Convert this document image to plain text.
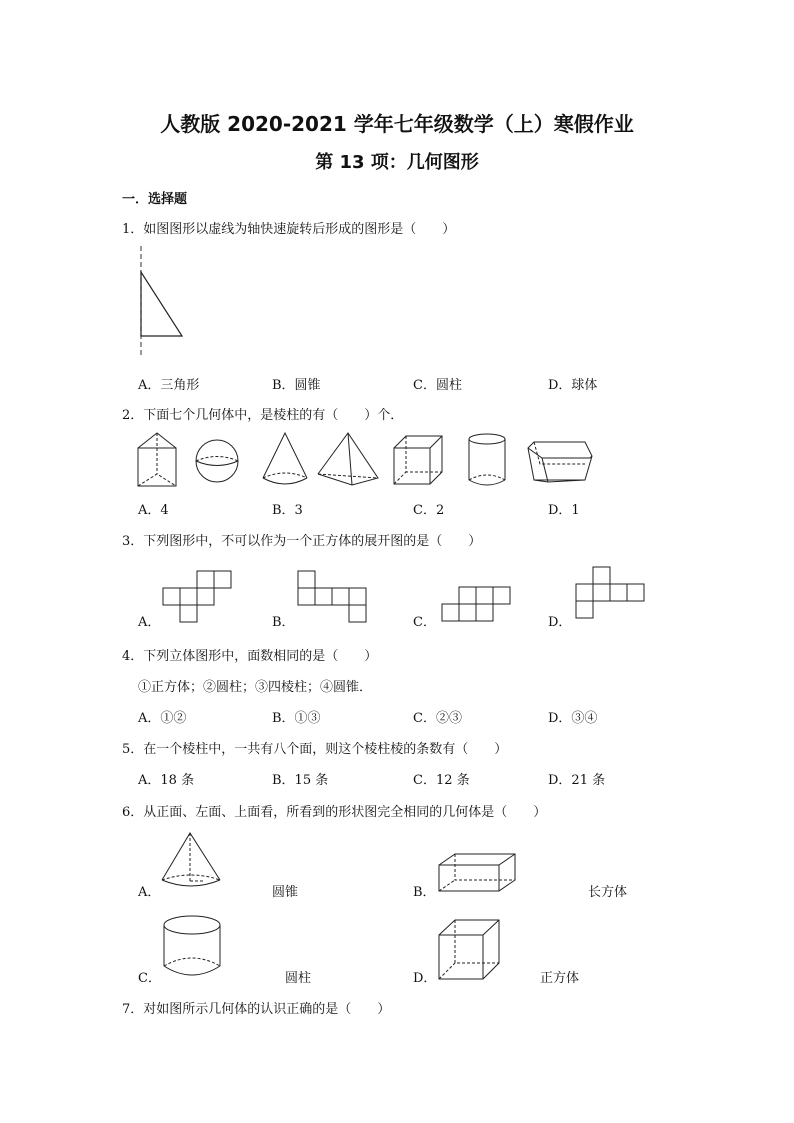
人教版 2020-2021 学年七年级数学（上）寒假作业
第 13 项：几何图形
一．选择题
1．如图图形以虚线为轴快速旋转后形成的图形是（　　）
A．三角形	B．圆锥	C．圆柱	D．球体
2．下面七个几何体中，是棱柱的有（　　）个．
A．4	B．3	C．2	D．1
3．下列图形中，不可以作为一个正方体的展开图的是（　　）
A．	B．	C．	D．
4．下列立体图形中，面数相同的是（　　）
①正方体；②圆柱；③四棱柱；④圆锥．
A．①②	B．①③	C．②③	D．③④
5．在一个棱柱中，一共有八个面，则这个棱柱棱的条数有（　　）
A．18 条	B．15 条	C．12 条	D．21 条
6．从正面、左面、上面看，所看到的形状图完全相同的几何体是（　　）
A．	圆锥	B．	长方体
C．	圆柱	D．	正方体
7．对如图所示几何体的认识正确的是（　　）
